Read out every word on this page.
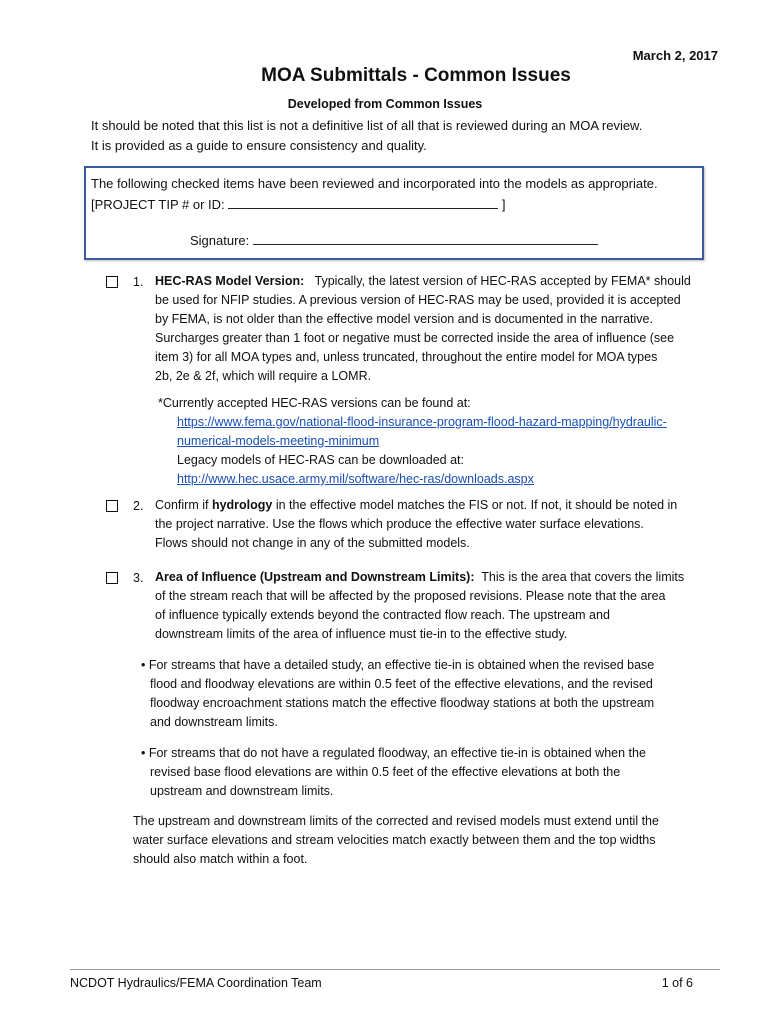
March 2, 2017
MOA Submittals - Common Issues
Developed from Common Issues
It should be noted that this list is not a definitive list of all that is reviewed during an MOA review.
It is provided as a guide to ensure consistency and quality.
The following checked items have been reviewed and incorporated into the models as appropriate.
[PROJECT TIP # or ID:	]
Signature:
1. HEC-RAS Model Version: Typically, the latest version of HEC-RAS accepted by FEMA* should

be used for NFIP studies. A previous version of HEC-RAS may be used, provided it is accepted

by FEMA, is not older than the effective model version and is documented in the narrative.

Surcharges greater than 1 foot or negative must be corrected inside the area of influence (see

item 3) for all MOA types and, unless truncated, throughout the entire model for MOA types

2b, 2e & 2f, which will require a LOMR.

*Currently accepted HEC-RAS versions can be found at:
https://www.fema.gov/national-flood-insurance-program-flood-hazard-mapping/hydraulic-
numerical-models-meeting-minimum
Legacy models of HEC-RAS can be downloaded at:
http://www.hec.usace.army.mil/software/hec-ras/downloads.aspx
2. Confirm if hydrology in the effective model matches the FIS or not. If not, it should be noted in

the project narrative. Use the flows which produce the effective water surface elevations.

Flows should not change in any of the submitted models.

3. Area of Influence (Upstream and Downstream Limits): This is the area that covers the limits

of the stream reach that will be affected by the proposed revisions. Please note that the area

of influence typically extends beyond the contracted flow reach. The upstream and

downstream limits of the area of influence must tie-in to the effective study.

• For streams that have a detailed study, an effective tie-in is obtained when the revised base

flood and floodway elevations are within 0.5 feet of the effective elevations, and the revised

floodway encroachment stations match the effective floodway stations at both the upstream

and downstream limits.

• For streams that do not have a regulated floodway, an effective tie-in is obtained when the

revised base flood elevations are within 0.5 feet of the effective elevations at both the

upstream and downstream limits.

The upstream and downstream limits of the corrected and revised models must extend until the

water surface elevations and stream velocities match exactly between them and the top widths

should also match within a foot.

NCDOT Hydraulics/FEMA Coordination Team	1 of 6
